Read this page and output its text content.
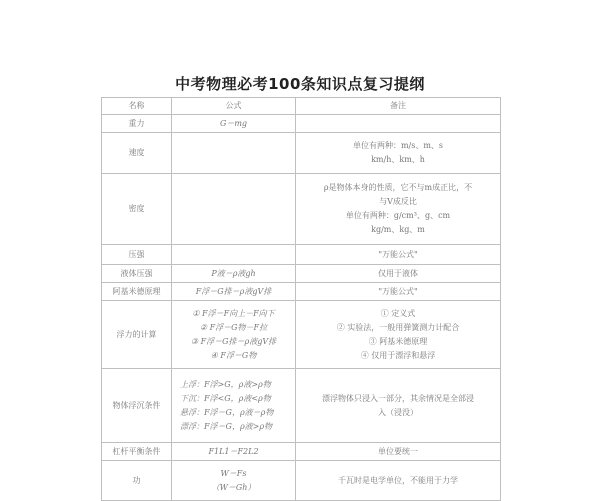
中考物理必考100条知识点复习提纲
名称	公式	备注
重力	G＝mg	

速度		单位有两种：m/s、m、s
km/h、km、h

密度		ρ是物体本身的性质，它不与m成正比，不
与V成反比
单位有两种：g/cm³、g、cm
kg/m、kg、m

压强		"万能公式"
液体压强	P液＝ρ液gh	仅用于液体
阿基米德原理	F浮＝G排＝ρ液gV排	"万能公式"
浮力的计算	① F浮＝F向上－F向下
② F浮＝G物－F拉
③ F浮＝G排＝ρ液gV排
④ F浮＝G物	① 定义式
② 实验法，一般用弹簧测力计配合
③ 阿基米德原理
④ 仅用于漂浮和悬浮

物体浮沉条件	上浮：F浮>G，ρ液>ρ物
下沉：F浮<G，ρ液<ρ物
悬浮：F浮＝G，ρ液＝ρ物
漂浮：F浮＝G，ρ液>ρ物	漂浮物体只浸入一部分，其余情况是全部浸
入（浸没）

杠杆平衡条件	F1L1＝F2L2	单位要统一
功	W＝Fs
（W＝Gh）	千瓦时是电学单位，不能用于力学
